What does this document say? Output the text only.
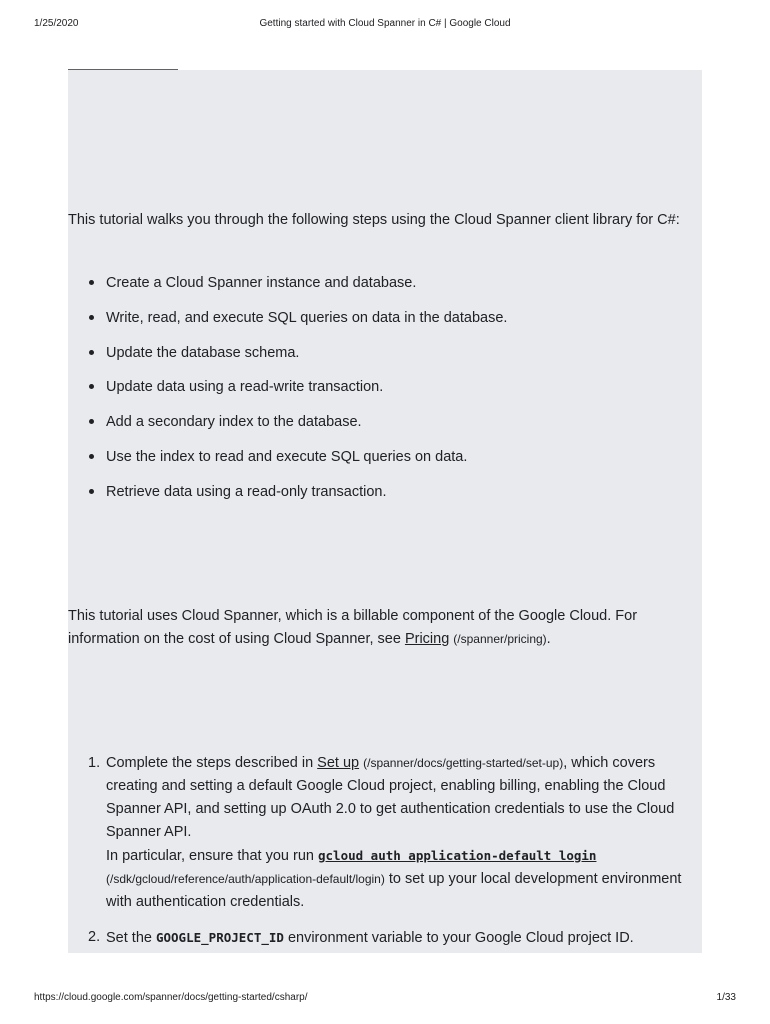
1/25/2020	Getting started with Cloud Spanner in C# | Google Cloud

This tutorial walks you through the following steps using the Cloud Spanner client library for C#:

Create a Cloud Spanner instance and database.
Write, read, and execute SQL queries on data in the database.
Update the database schema.
Update data using a read-write transaction.
Add a secondary index to the database.
Use the index to read and execute SQL queries on data.
Retrieve data using a read-only transaction.

This tutorial uses Cloud Spanner, which is a billable component of the Google Cloud. For information on the cost of using Cloud Spanner, see Pricing (/spanner/pricing).

1. Complete the steps described in Set up (/spanner/docs/getting-started/set-up), which covers creating and setting a default Google Cloud project, enabling billing, enabling the Cloud Spanner API, and setting up OAuth 2.0 to get authentication credentials to use the Cloud Spanner API.
In particular, ensure that you run gcloud auth application-default login
(/sdk/gcloud/reference/auth/application-default/login) to set up your local development environment with authentication credentials.
2. Set the GOOGLE_PROJECT_ID environment variable to your Google Cloud project ID.
https://cloud.google.com/spanner/docs/getting-started/csharp/	1/33
